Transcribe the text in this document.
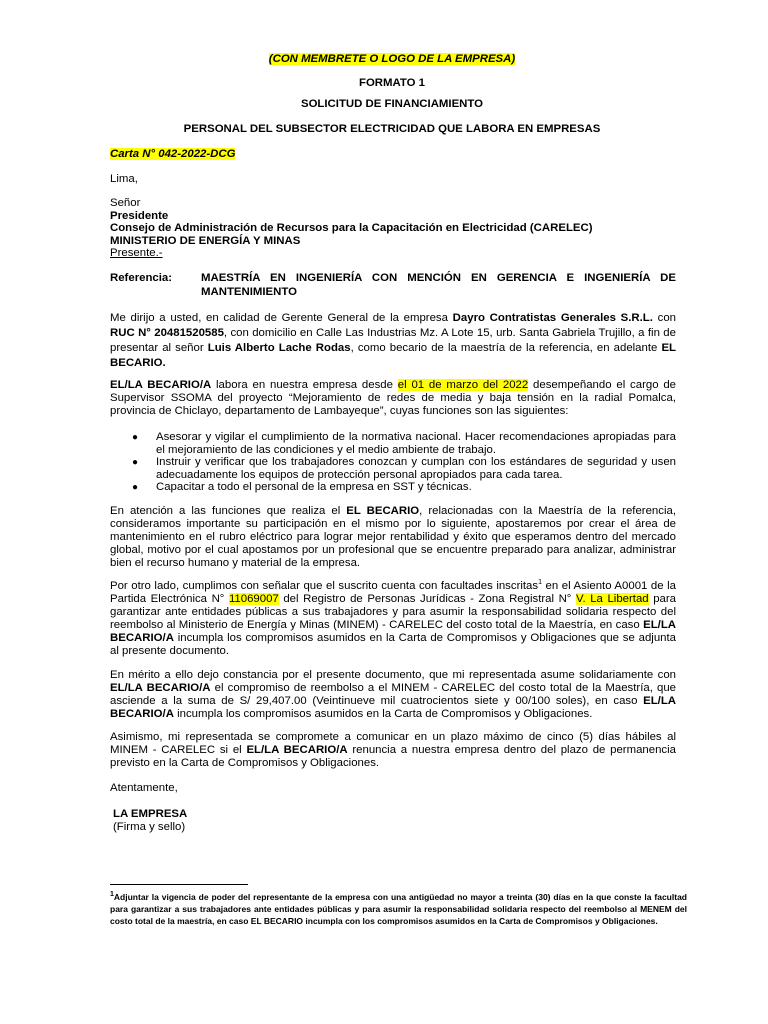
(CON MEMBRETE O LOGO DE LA EMPRESA)
FORMATO 1
SOLICITUD DE FINANCIAMIENTO
PERSONAL DEL SUBSECTOR ELECTRICIDAD QUE LABORA EN EMPRESAS
Carta N° 042-2022-DCG
Lima,
Señor
Presidente
Consejo de Administración de Recursos para la Capacitación en Electricidad (CARELEC)
MINISTERIO DE ENERGÍA Y MINAS
Presente.-
Referencia:	MAESTRÍA EN INGENIERÍA CON MENCIÓN EN GERENCIA E INGENIERÍA DE
MANTENIMIENTO

Me dirijo a usted, en calidad de Gerente General de la empresa Dayro Contratistas Generales S.R.L. con RUC N° 20481520585, con domicilio en Calle Las Industrias Mz. A Lote 15, urb. Santa Gabriela Trujillo, a fin de presentar al señor Luis Alberto Lache Rodas, como becario de la maestría de la referencia, en adelante EL BECARIO.

EL/LA BECARIO/A labora en nuestra empresa desde el 01 de marzo del 2022 desempeñando el cargo de Supervisor SSOMA del proyecto “Mejoramiento de redes de media y baja tensión en la radial Pomalca, provincia de Chiclayo, departamento de Lambayeque”, cuyas funciones son las siguientes:

● Asesorar y vigilar el cumplimiento de la normativa nacional. Hacer recomendaciones apropiadas para el mejoramiento de las condiciones y el medio ambiente de trabajo.
● Instruir y verificar que los trabajadores conozcan y cumplan con los estándares de seguridad y usen adecuadamente los equipos de protección personal apropiados para cada tarea.
● Capacitar a todo el personal de la empresa en SST y técnicas.

En atención a las funciones que realiza el EL BECARIO, relacionadas con la Maestría de la referencia, consideramos importante su participación en el mismo por lo siguiente, apostaremos por crear el área de mantenimiento en el rubro eléctrico para lograr mejor rentabilidad y éxito que esperamos dentro del mercado global, motivo por el cual apostamos por un profesional que se encuentre preparado para analizar, administrar bien el recurso humano y material de la empresa.

Por otro lado, cumplimos con señalar que el suscrito cuenta con facultades inscritas$^1$ en el Asiento A0001 de la Partida Electrónica N° 11069007 del Registro de Personas Jurídicas - Zona Registral N° V. La Libertad para garantizar ante entidades públicas a sus trabajadores y para asumir la responsabilidad solidaria respecto del reembolso al Ministerio de Energía y Minas (MINEM) - CARELEC del costo total de la Maestría, en caso EL/LA BECARIO/A incumpla los compromisos asumidos en la Carta de Compromisos y Obligaciones que se adjunta al presente documento.

En mérito a ello dejo constancia por el presente documento, que mi representada asume solidariamente con EL/LA BECARIO/A el compromiso de reembolso a el MINEM - CARELEC del costo total de la Maestría, que asciende a la suma de S/ 29,407.00 (Veintinueve mil cuatrocientos siete y 00/100 soles), en caso EL/LA BECARIO/A incumpla los compromisos asumidos en la Carta de Compromisos y Obligaciones.

Asimismo, mi representada se compromete a comunicar en un plazo máximo de cinco (5) días hábiles al MINEM - CARELEC si el EL/LA BECARIO/A renuncia a nuestra empresa dentro del plazo de permanencia previsto en la Carta de Compromisos y Obligaciones.

Atentamente,
LA EMPRESA
(Firma y sello)
$^1$Adjuntar la vigencia de poder del representante de la empresa con una antigüedad no mayor a treinta (30) días en la que conste la facultad para garantizar a sus trabajadores ante entidades públicas y para asumir la responsabilidad solidaria respecto del reembolso al MENEM del costo total de la maestría, en caso EL BECARIO incumpla con los compromisos asumidos en la Carta de Compromisos y Obligaciones.
